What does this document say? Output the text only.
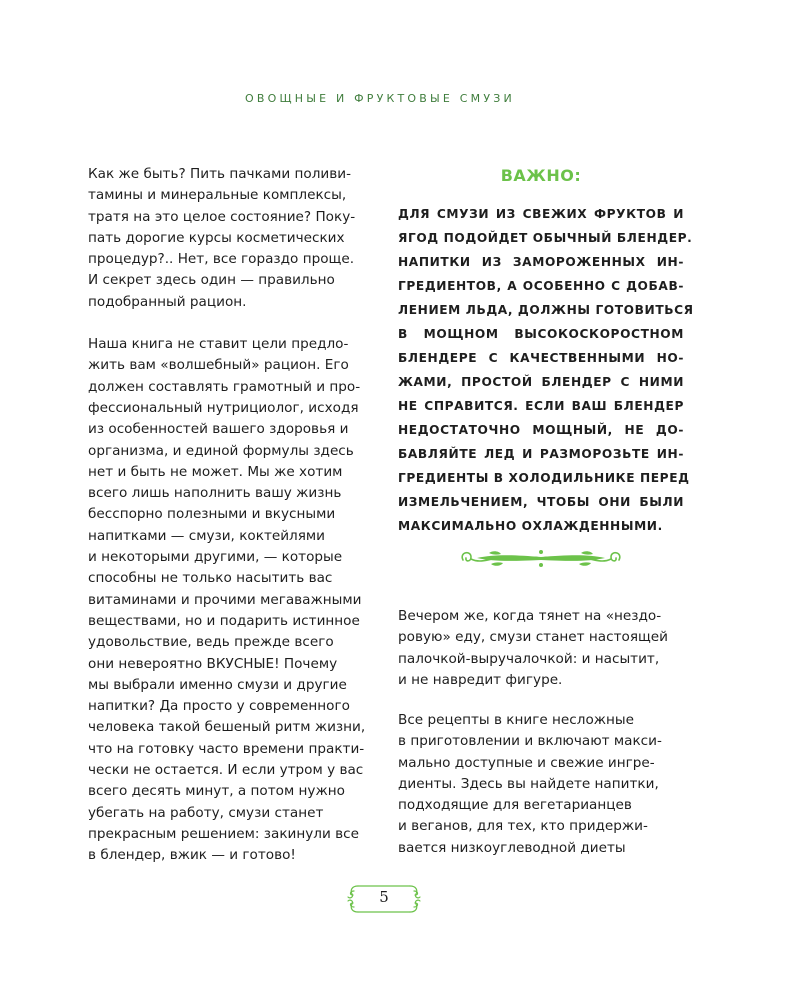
ОВОЩНЫЕ И ФРУКТОВЫЕ СМУЗИ
Как же быть? Пить пачками поливи-
тамины и минеральные комплексы,
тратя на это целое состояние? Поку-
пать дорогие курсы косметических
процедур?.. Нет, все гораздо проще.
И секрет здесь один — правильно
подобранный рацион.
Наша книга не ставит цели предло-
жить вам «волшебный» рацион. Его
должен составлять грамотный и про-
фессиональный нутрициолог, исходя
из особенностей вашего здоровья и
организма, и единой формулы здесь
нет и быть не может. Мы же хотим
всего лишь наполнить вашу жизнь
бесспорно полезными и вкусными
напитками — смузи, коктейлями
и некоторыми другими, — которые
способны не только насытить вас
витаминами и прочими мегаважными
веществами, но и подарить истинное
удовольствие, ведь прежде всего
они невероятно ВКУСНЫЕ! Почему
мы выбрали именно смузи и другие
напитки? Да просто у современного
человека такой бешеный ритм жизни,
что на готовку часто времени практи-
чески не остается. И если утром у вас
всего десять минут, а потом нужно
убегать на работу, смузи станет
прекрасным решением: закинули все
в блендер, вжик — и готово!
ВАЖНО:
ДЛЯ СМУЗИ ИЗ СВЕЖИХ ФРУКТОВ И
ЯГОД ПОДОЙДЕТ ОБЫЧНЫЙ БЛЕНДЕР.
НАПИТКИ ИЗ ЗАМОРОЖЕННЫХ ИН-
ГРЕДИЕНТОВ, А ОСОБЕННО С ДОБАВ-
ЛЕНИЕМ ЛЬДА, ДОЛЖНЫ ГОТОВИТЬСЯ
В МОЩНОМ ВЫСОКОСКОРОСТНОМ
БЛЕНДЕРЕ С КАЧЕСТВЕННЫМИ НО-
ЖАМИ, ПРОСТОЙ БЛЕНДЕР С НИМИ
НЕ СПРАВИТСЯ. ЕСЛИ ВАШ БЛЕНДЕР
НЕДОСТАТОЧНО МОЩНЫЙ, НЕ ДО-
БАВЛЯЙТЕ ЛЕД И РАЗМОРОЗЬТЕ ИН-
ГРЕДИЕНТЫ В ХОЛОДИЛЬНИКЕ ПЕРЕД
ИЗМЕЛЬЧЕНИЕМ, ЧТОБЫ ОНИ БЫЛИ
МАКСИМАЛЬНО ОХЛАЖДЕННЫМИ.
Вечером же, когда тянет на «нездо-
ровую» еду, смузи станет настоящей
палочкой-выручалочкой: и насытит,
и не навредит фигуре.
Все рецепты в книге несложные
в приготовлении и включают макси-
мально доступные и свежие ингре-
диенты. Здесь вы найдете напитки,
подходящие для вегетарианцев
и веганов, для тех, кто придержи-
вается низкоуглеводной диеты
5
